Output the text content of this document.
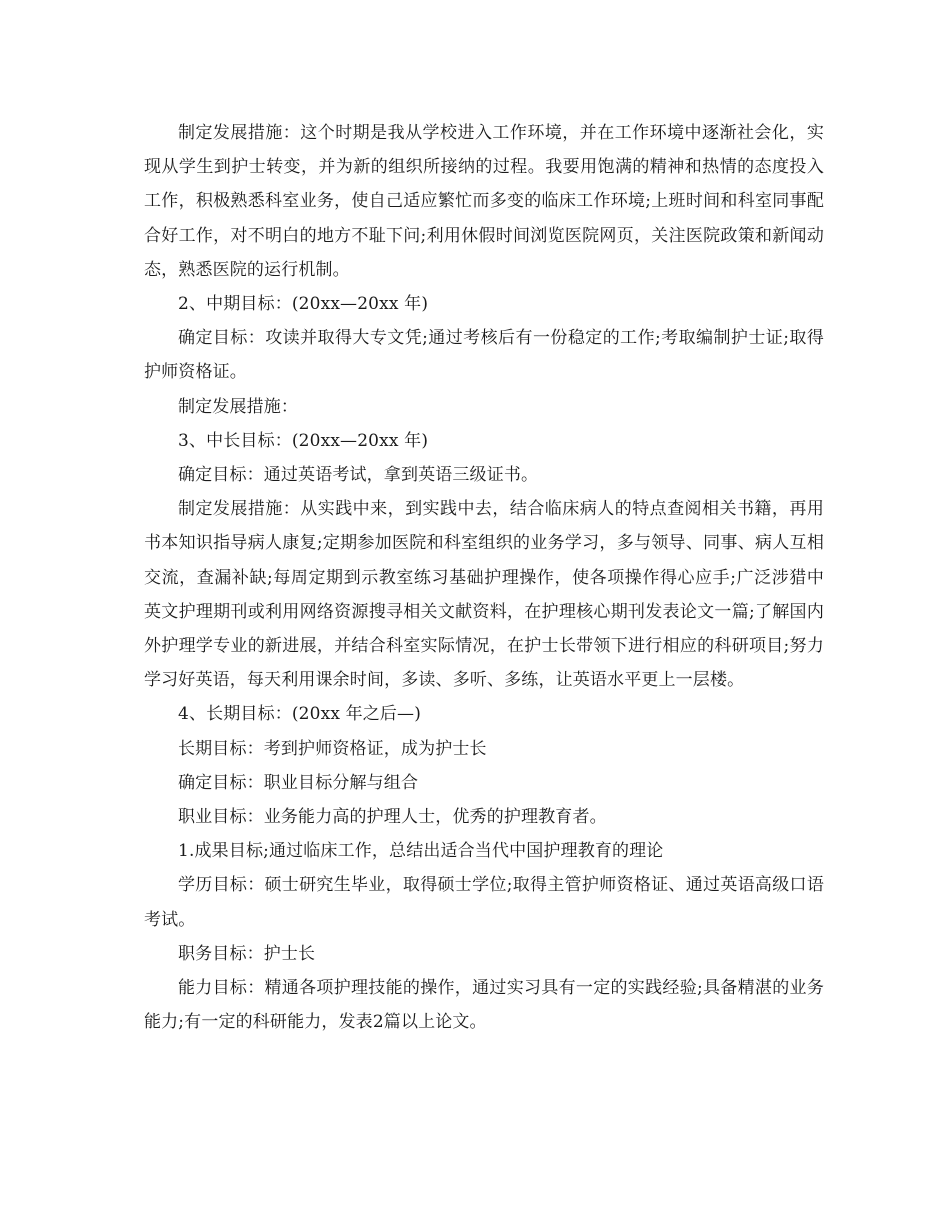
制定发展措施：这个时期是我从学校进入工作环境，并在工作环境中逐渐社会化，实现从学生到护士转变，并为新的组织所接纳的过程。我要用饱满的精神和热情的态度投入工作，积极熟悉科室业务，使自己适应繁忙而多变的临床工作环境;上班时间和科室同事配合好工作，对不明白的地方不耻下问;利用休假时间浏览医院网页，关注医院政策和新闻动态，熟悉医院的运行机制。

2、中期目标：(20xx—20xx 年)

确定目标：攻读并取得大专文凭;通过考核后有一份稳定的工作;考取编制护士证;取得护师资格证。

制定发展措施：

3、中长目标：(20xx—20xx 年)

确定目标：通过英语考试，拿到英语三级证书。

制定发展措施：从实践中来，到实践中去，结合临床病人的特点查阅相关书籍，再用书本知识指导病人康复;定期参加医院和科室组织的业务学习，多与领导、同事、病人互相交流，查漏补缺;每周定期到示教室练习基础护理操作，使各项操作得心应手;广泛涉猎中英文护理期刊或利用网络资源搜寻相关文献资料，在护理核心期刊发表论文一篇;了解国内外护理学专业的新进展，并结合科室实际情况，在护士长带领下进行相应的科研项目;努力学习好英语，每天利用课余时间，多读、多听、多练，让英语水平更上一层楼。

4、长期目标：(20xx 年之后—)

长期目标：考到护师资格证，成为护士长

确定目标：职业目标分解与组合

职业目标：业务能力高的护理人士，优秀的护理教育者。

1.成果目标;通过临床工作，总结出适合当代中国护理教育的理论

学历目标：硕士研究生毕业，取得硕士学位;取得主管护师资格证、通过英语高级口语考试。

职务目标：护士长

能力目标：精通各项护理技能的操作，通过实习具有一定的实践经验;具备精湛的业务能力;有一定的科研能力，发表2篇以上论文。
